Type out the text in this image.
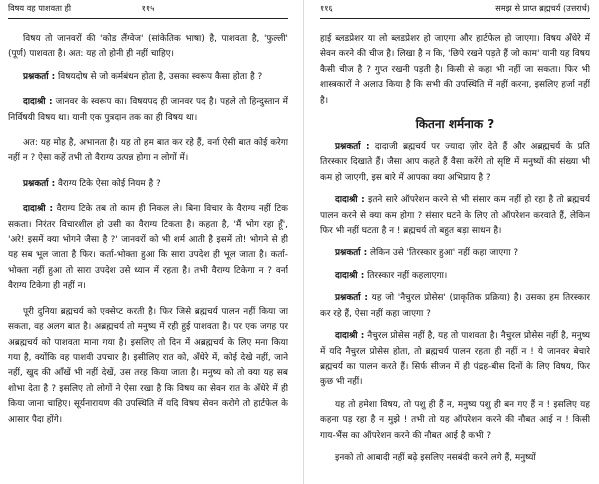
विषय वह पाशवता ही	११५

विषय तो जानवरों की 'कोड लैंग्वेज' (सांकेतिक भाषा) है, पाशवता है, 'फुल्ली' (पूर्ण) पाशवता है। अत: यह तो होनी ही नहीं चाहिए।

प्रश्नकर्ता : विषयदोष से जो कर्मबंधन होता है, उसका स्वरूप कैसा होता है ?

दादाश्री : जानवर के स्वरूप का। विषयपद ही जानवर पद है। पहले तो हिन्दुस्तान में निर्विषयी विषय था। यानी एक पुत्रदान तक का ही विषय था।

अत: यह मोह है, अभानता है। यह तो हम बात कर रहे हैं, वर्ना ऐसी बात कोई करेगा नहीं न ? ऐसा कहें तभी तो वैराग्य उत्पन्न होगा न लोगों में।

प्रश्नकर्ता : वैराग्य टिके ऐसा कोई नियम है ?

दादाश्री : वैराग्य टिके तब तो काम ही निकल ले। बिना विचार के वैराग्य नहीं टिक सकता। निरंतर विचारशील हो उसी का वैराग्य टिकता है। कहता है, 'मैं भोग रहा हूँ', 'अरे! इसमें क्या भोगने जैसा है ?' जानवरों को भी शर्म आती है इसमें तो! भोगने से ही यह सब भूल जाता है फिर। कर्ता-भोक्ता हुआ कि सारा उपदेश ही भूल जाता है। कर्ता-भोक्ता नहीं हुआ तो सारा उपदेश उसे ध्यान में रहता है। तभी वैराग्य टिकेगा न ? वर्ना वैराग्य टिकेगा ही नहीं न।

पूरी दुनिया ब्रह्मचर्य को एक्सेप्ट करती है। फिर जिसे ब्रह्मचर्य पालन नहीं किया जा सकता, वह अलग बात है। अब्रह्मचर्य तो मनुष्य में रही हुई पाशवता है। पर एक जगह पर अब्रह्मचर्य को पाशवता माना गया है। इसलिए तो दिन में अब्रह्मचर्य के लिए मना किया गया है, क्योंकि वह पाशवी उपचार है। इसीलिए रात को, अँधेरे में, कोई देखे नहीं, जाने नहीं, खुद की आँखें भी नहीं देखें, उस तरह किया जाता है। मनुष्य को तो क्या यह सब शोभा देता है ? इसलिए तो लोगों ने ऐसा रखा है कि विषय का सेवन रात के अँधेरे में ही किया जाना चाहिए। सूर्यनारायण की उपस्थिति में यदि विषय सेवन करोगे तो हार्टफेल के आसार पैदा होंगे।

११६	समझ से प्राप्त ब्रह्मचर्य (उत्तरार्ध)

हाई ब्लडप्रेशर या लो ब्लडप्रेशर हो जाएगा और हार्टफेल हो जाएगा। विषय अँधेरे में सेवन करने की चीज है। लिखा है न कि, 'छिपे रखने पड़ते हैं जो काम' यानी यह विषय कैसी चीज है ? गुप्त रखनी पड़ती है। किसी से कहा भी नहीं जा सकता। फिर भी शास्त्रकारों ने अलाउ किया है कि सभी की उपस्थिति में नहीं करना, इसलिए हर्जा नहीं है।

कितना शर्मनाक ?

प्रश्नकर्ता : दादाजी ब्रह्मचर्य पर ज्यादा ज़ोर देते हैं और अब्रह्मचर्य के प्रति तिरस्कार दिखाते हैं। जैसा आप कहते हैं वैसा करेंगे तो सृष्टि में मनुष्यों की संख्या भी कम हो जाएगी, इस बारे में आपका क्या अभिप्राय है ?

दादाश्री : इतने सारे ऑपरेशन करने से भी संसार कम नहीं हो रहा है तो ब्रह्मचर्य पालन करने से क्या कम होगा ? संसार घटने के लिए तो ऑपरेशन करवाते हैं, लेकिन फिर भी नहीं घटता है न ! ब्रह्मचर्य तो बहुत बड़ा साधन है।

प्रश्नकर्ता : लेकिन उसे 'तिरस्कार हुआ' नहीं कहा जाएगा ?

दादाश्री : तिरस्कार नहीं कहलाएगा।

प्रश्नकर्ता : यह जो 'नैचुरल प्रोसेस' (प्राकृतिक प्रक्रिया) है। उसका हम तिरस्कार कर रहे हैं, ऐसा नहीं कहा जाएगा ?

दादाश्री : नैचुरल प्रोसेस नहीं है, यह तो पाशवता है। नैचुरल प्रोसेस नहीं है, मनुष्य में यदि नैचुरल प्रोसेस होता, तो ब्रह्मचर्य पालन रहता ही नहीं न ! ये जानवर बेचारे ब्रह्मचर्य का पालन करते हैं। सिर्फ सीजन में ही पंद्रह-बीस दिनों के लिए विषय, फिर कुछ भी नहीं।

यह तो हमेशा विषय, तो पशु ही हैं न, मनुष्य पशु ही बन गए हैं न ! इसलिए यह कहना पड़ रहा है न मुझे ! तभी तो यह ऑपरेशन करने की नौबत आई न ! किसी गाय-भैंस का ऑपरेशन करने की नौबत आई है कभी ?

इनको तो आबादी नहीं बढ़े इसलिए नसबंदी करने लगे हैं, मनुष्यों
